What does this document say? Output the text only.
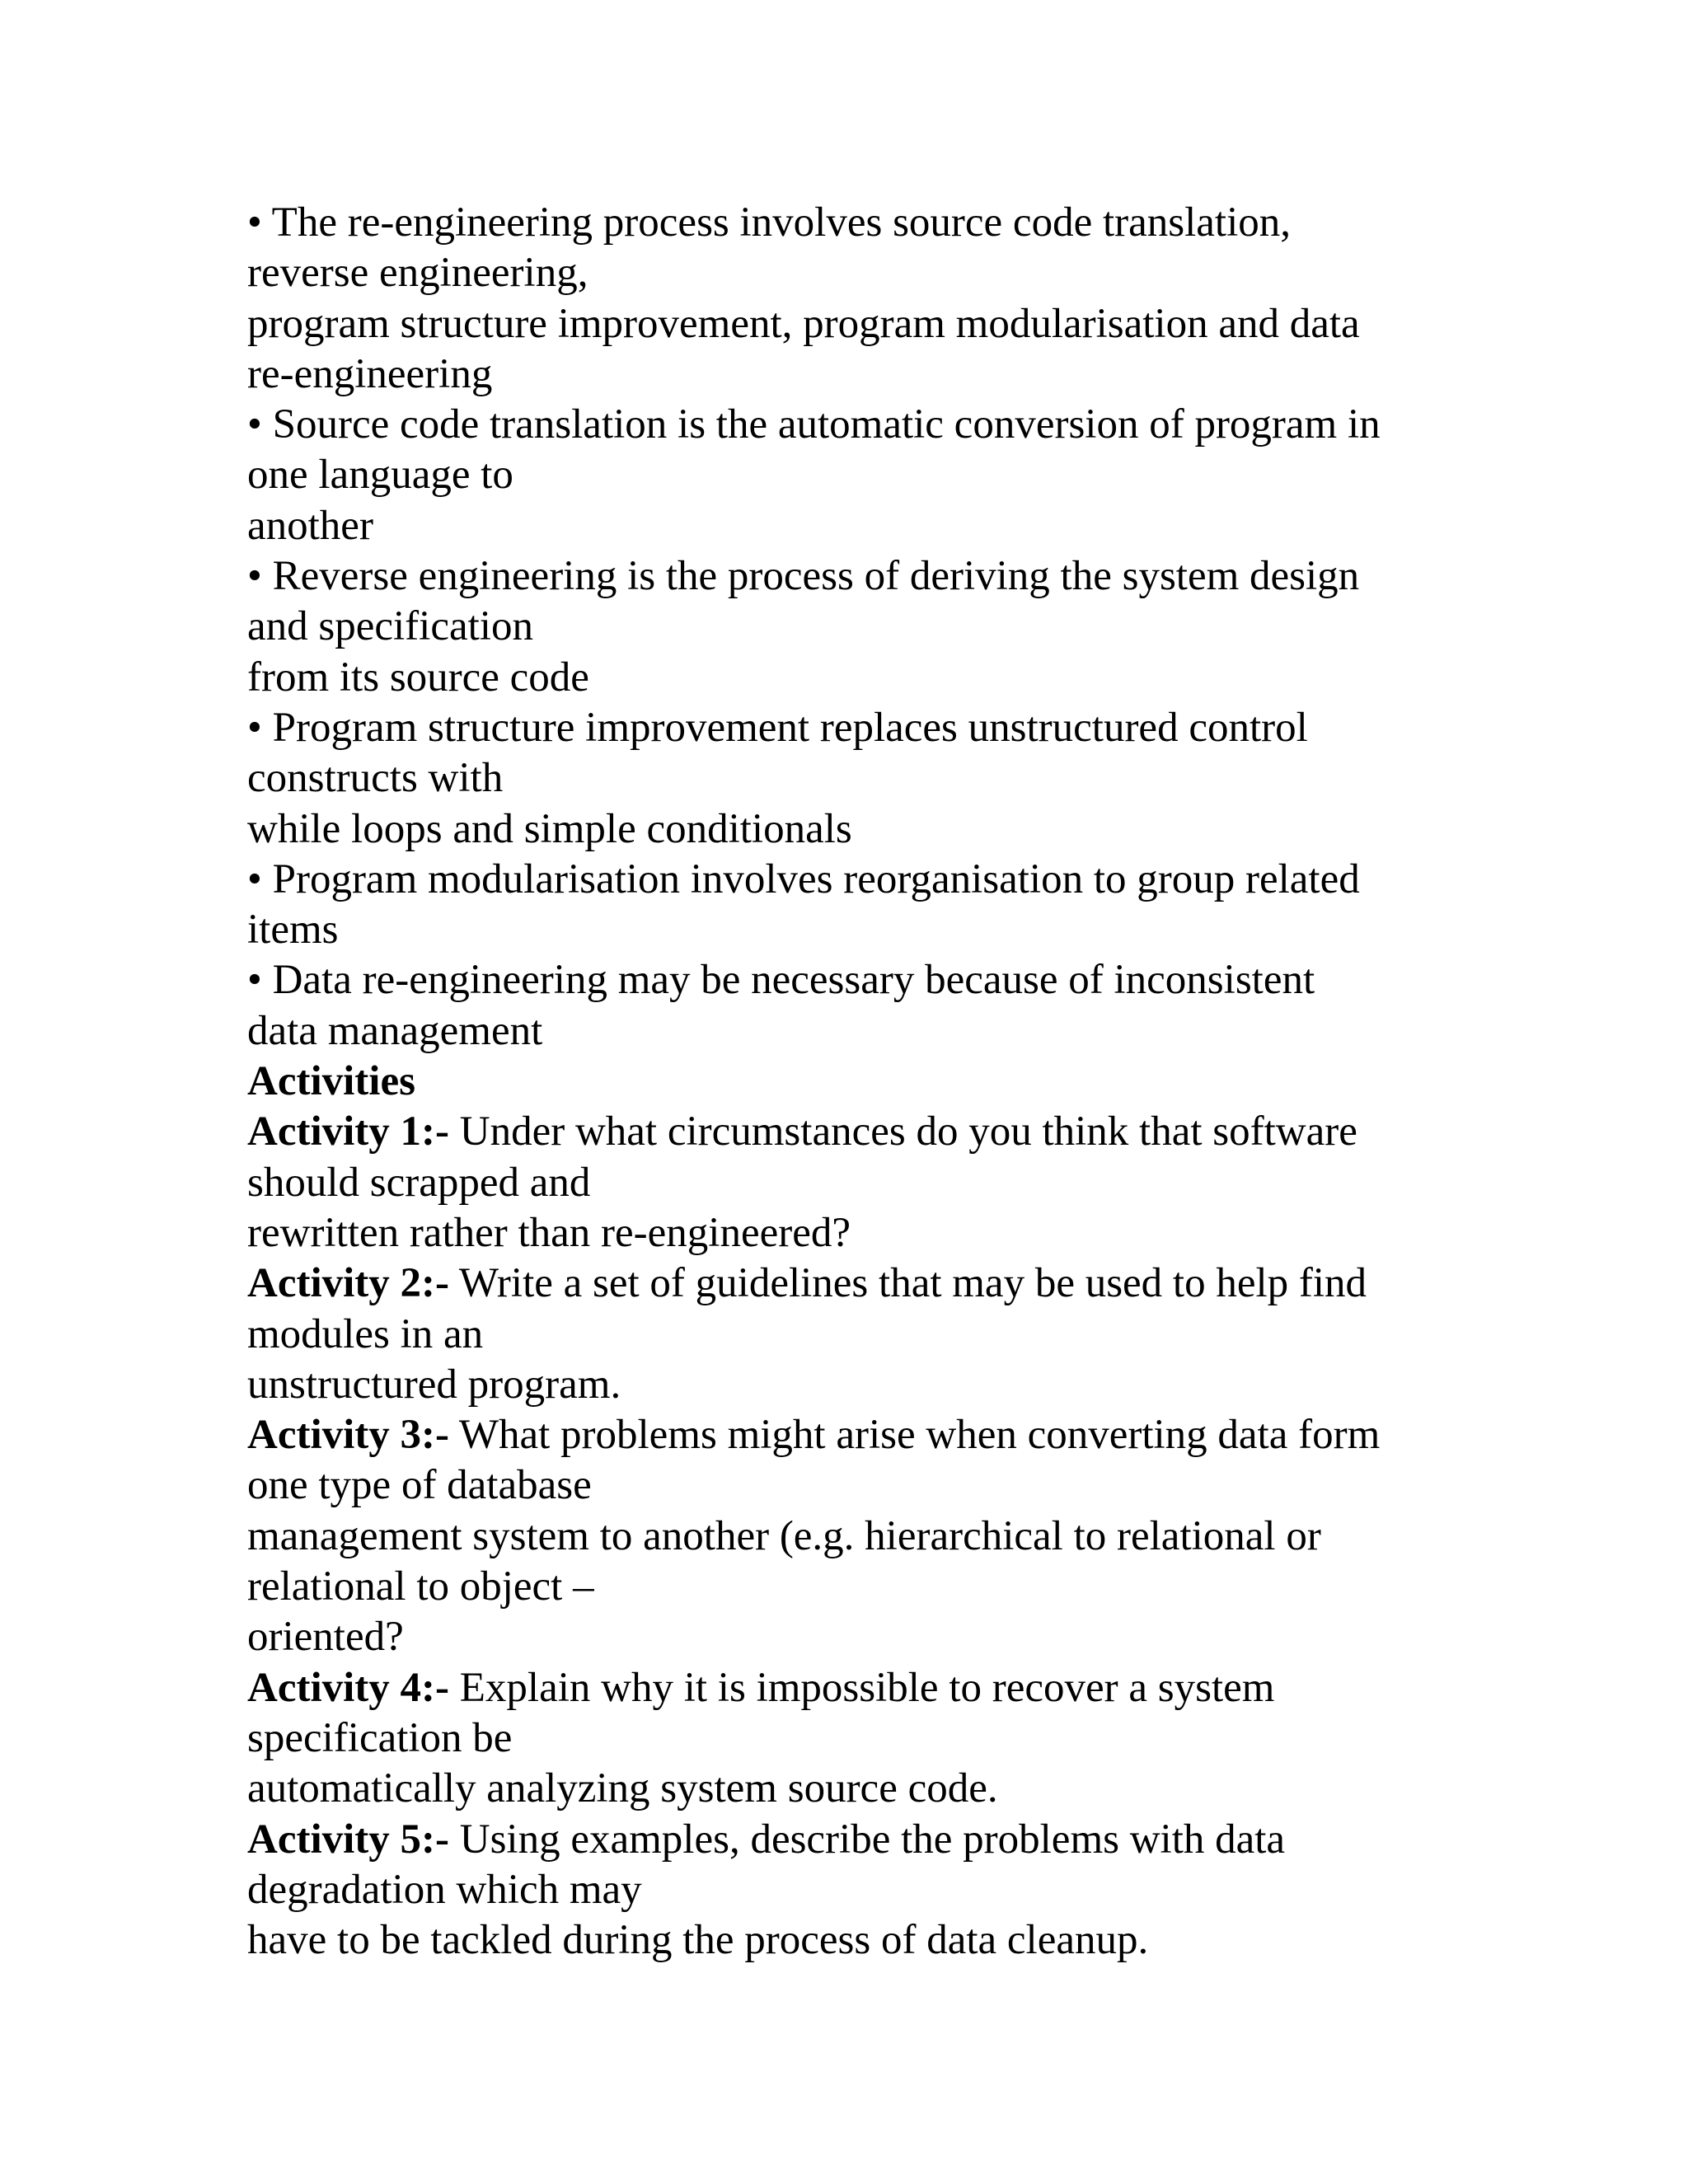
• The re-engineering process involves source code translation,

reverse engineering,

program structure improvement, program modularisation and data

re-engineering

• Source code translation is the automatic conversion of program in

one language to

another

• Reverse engineering is the process of deriving the system design

and specification

from its source code

• Program structure improvement replaces unstructured control

constructs with

while loops and simple conditionals

• Program modularisation involves reorganisation to group related

items

• Data re-engineering may be necessary because of inconsistent

data management

Activities

Activity 1:- Under what circumstances do you think that software

should scrapped and

rewritten rather than re-engineered?

Activity 2:- Write a set of guidelines that may be used to help find

modules in an

unstructured program.

Activity 3:- What problems might arise when converting data form

one type of database

management system to another (e.g. hierarchical to relational or

relational to object –

oriented?

Activity 4:- Explain why it is impossible to recover a system

specification be

automatically analyzing system source code.

Activity 5:- Using examples, describe the problems with data

degradation which may

have to be tackled during the process of data cleanup.
